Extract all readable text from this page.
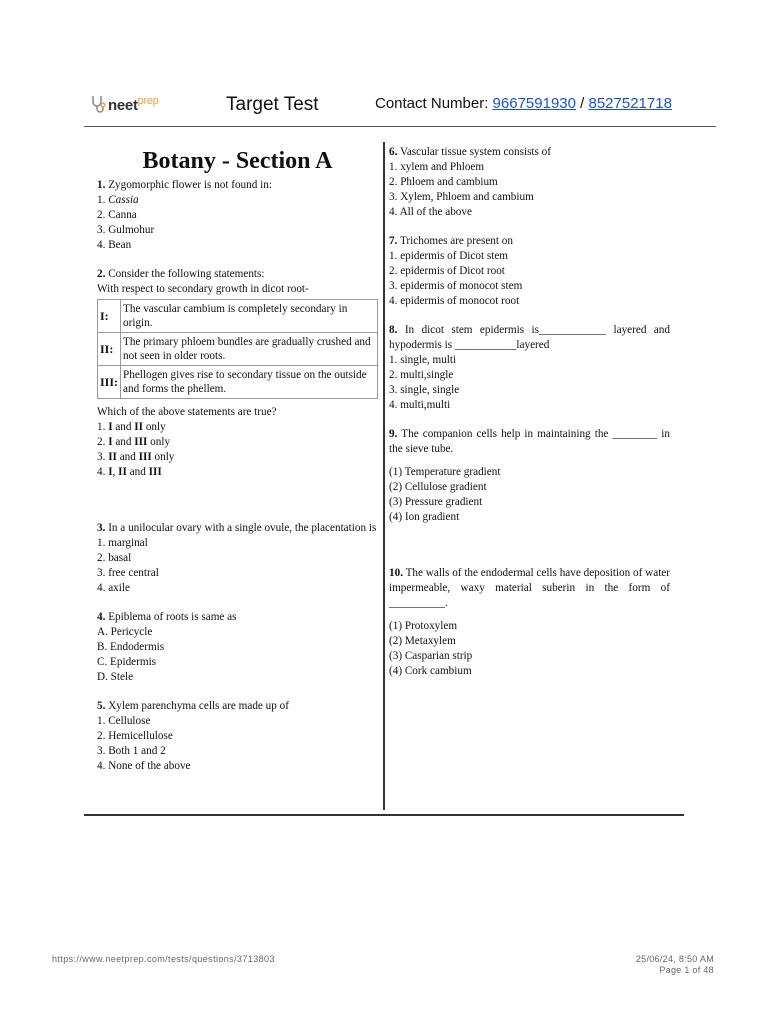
neet$^{prep}$	Target Test	Contact Number: 9667591930 / 8527521718
Botany - Section A

1. Zygomorphic flower is not found in:

1. Cassia

2. Canna

3. Gulmohur

4. Bean

2. Consider the following statements:

With respect to secondary growth in dicot root-

I:	The vascular cambium is completely secondary in origin.
II:	The primary phloem bundles are gradually crushed and not seen in older roots.
III:	Phellogen gives rise to secondary tissue on the outside and forms the phellem.

Which of the above statements are true?

1. I and II only

2. I and III only

3. II and III only

4. I, II and III

3. In a unilocular ovary with a single ovule, the placentation is

1. marginal

2. basal

3. free central

4. axile

4. Epiblema of roots is same as

A. Pericycle

B. Endodermis

C. Epidermis

D. Stele

5. Xylem parenchyma cells are made up of

1. Cellulose

2. Hemicellulose

3. Both 1 and 2

4. None of the above

6. Vascular tissue system consists of

1. xylem and Phloem

2. Phloem and cambium

3. Xylem, Phloem and cambium

4. All of the above

7. Trichomes are present on

1. epidermis of Dicot stem

2. epidermis of Dicot root

3. epidermis of monocot stem

4. epidermis of monocot root

8. In dicot stem epidermis is____________ layered and hypodermis is ___________layered

1. single, multi

2. multi,single

3. single, single

4. multi,multi

9. The companion cells help in maintaining the ________ in the sieve tube.

(1) Temperature gradient

(2) Cellulose gradient

(3) Pressure gradient

(4) Ion gradient

10. The walls of the endodermal cells have deposition of water impermeable, waxy material suberin in the form of __________.

(1) Protoxylem

(2) Metaxylem

(3) Casparian strip

(4) Cork cambium

https://www.neetprep.com/tests/questions/3713803	25/06/24, 8:50 AM
Page 1 of 48
